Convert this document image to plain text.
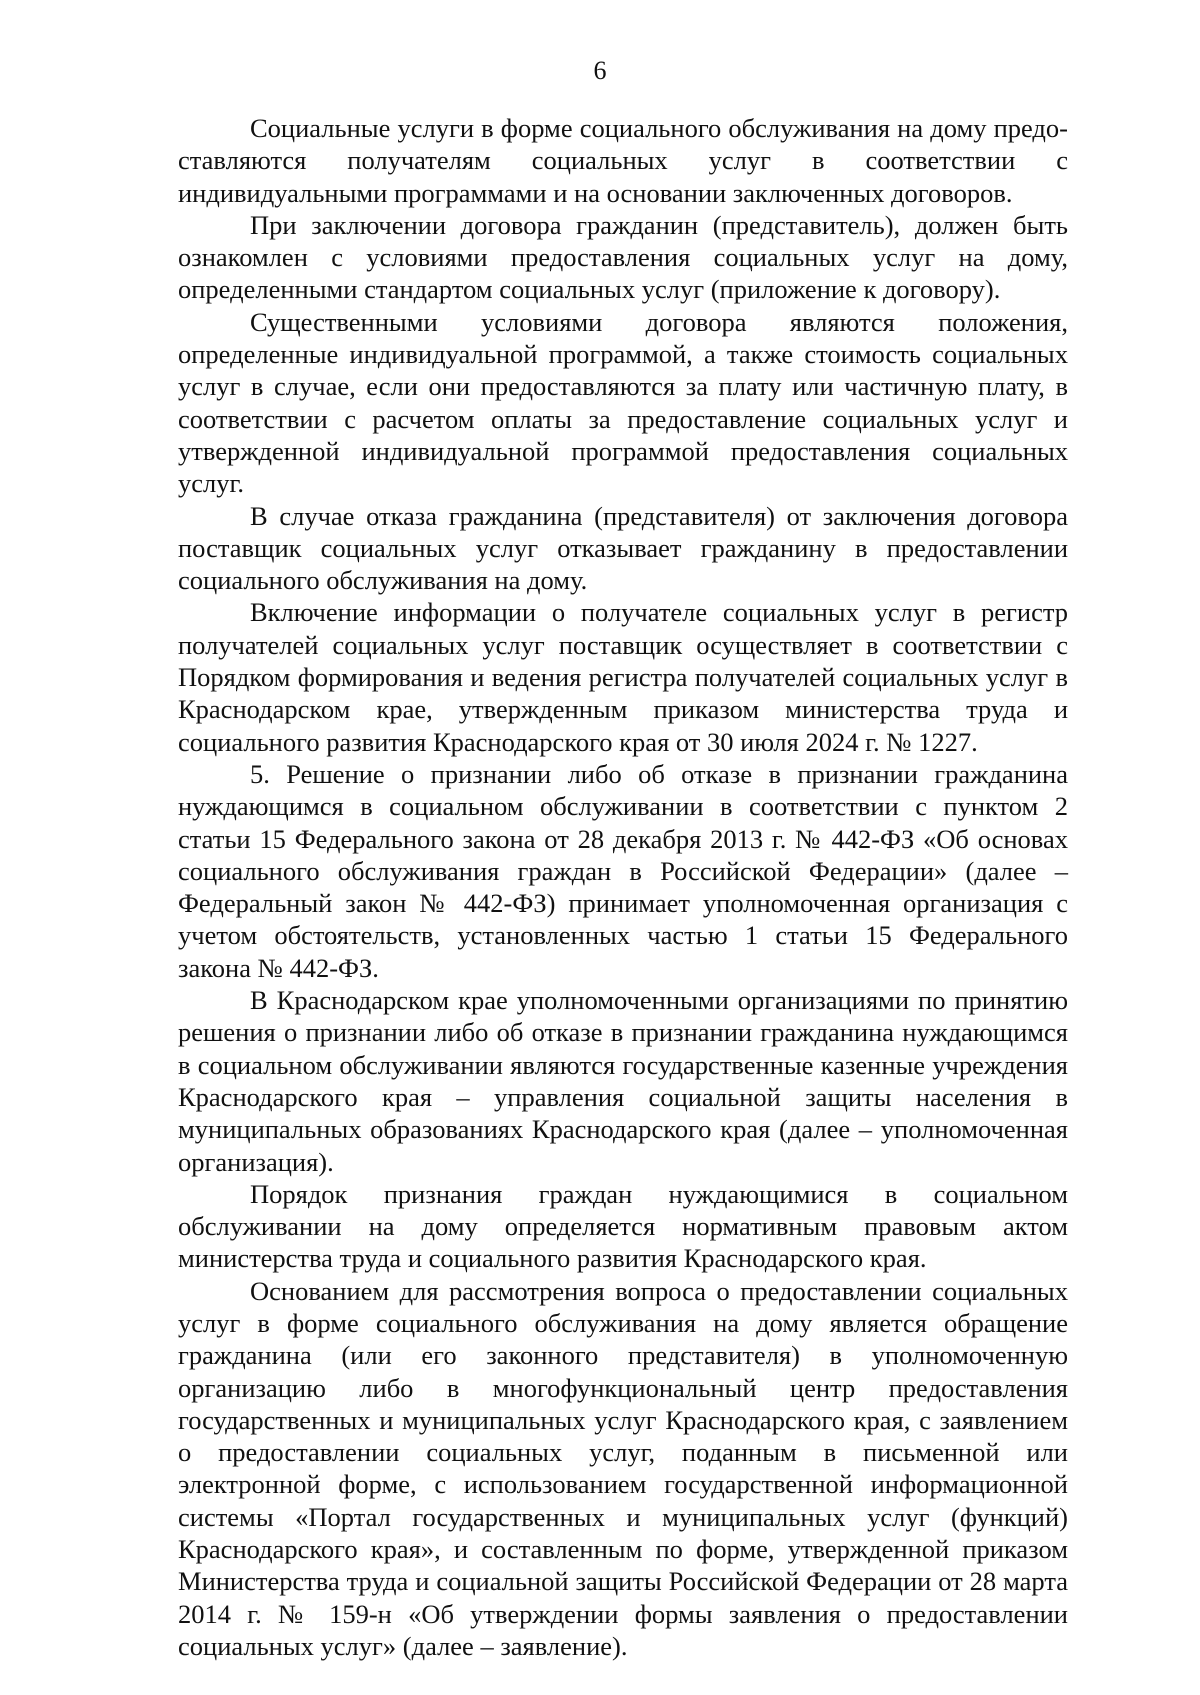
6

Социальные услуги в форме социального обслуживания на дому предоставляются получателям социальных услуг в соответствии с индивидуальными программами и на основании заключенных договоров.

При заключении договора гражданин (представитель), должен быть ознакомлен с условиями предоставления социальных услуг на дому, определенными стандартом социальных услуг (приложение к договору).

Существенными условиями договора являются положения, определенные индивидуальной программой, а также стоимость социальных услуг в случае, если они предоставляются за плату или частичную плату, в соответствии с расчетом оплаты за предоставление социальных услуг и утвержденной индивидуальной программой предоставления социальных услуг.

В случае отказа гражданина (представителя) от заключения договора поставщик социальных услуг отказывает гражданину в предоставлении социального обслуживания на дому.

Включение информации о получателе социальных услуг в регистр получателей социальных услуг поставщик осуществляет в соответствии с Порядком формирования и ведения регистра получателей социальных услуг в Краснодарском крае, утвержденным приказом министерства труда и социального развития Краснодарского края от 30 июля 2024 г. № 1227.

5. Решение о признании либо об отказе в признании гражданина нуждающимся в социальном обслуживании в соответствии с пунктом 2 статьи 15 Федерального закона от 28 декабря 2013 г. № 442-ФЗ «Об основах социального обслуживания граждан в Российской Федерации» (далее – Федеральный закон № 442-ФЗ) принимает уполномоченная организация с учетом обстоятельств, установленных частью 1 статьи 15 Федерального закона № 442-ФЗ.

В Краснодарском крае уполномоченными организациями по принятию решения о признании либо об отказе в признании гражданина нуждающимся в социальном обслуживании являются государственные казенные учреждения Краснодарского края – управления социальной защиты населения в муниципальных образованиях Краснодарского края (далее – уполномоченная организация).

Порядок признания граждан нуждающимися в социальном обслуживании на дому определяется нормативным правовым актом министерства труда и социального развития Краснодарского края.

Основанием для рассмотрения вопроса о предоставлении социальных услуг в форме социального обслуживания на дому является обращение гражданина (или его законного представителя) в уполномоченную организацию либо в многофункциональный центр предоставления государственных и муниципальных услуг Краснодарского края, с заявлением о предоставлении социальных услуг, поданным в письменной или электронной форме, с использованием государственной информационной системы «Портал государственных и муниципальных услуг (функций) Краснодарского края», и составленным по форме, утвержденной приказом Министерства труда и социальной защиты Российской Федерации от 28 марта 2014 г. № 159-н «Об утверждении формы заявления о предоставлении социальных услуг» (далее – заявление).
